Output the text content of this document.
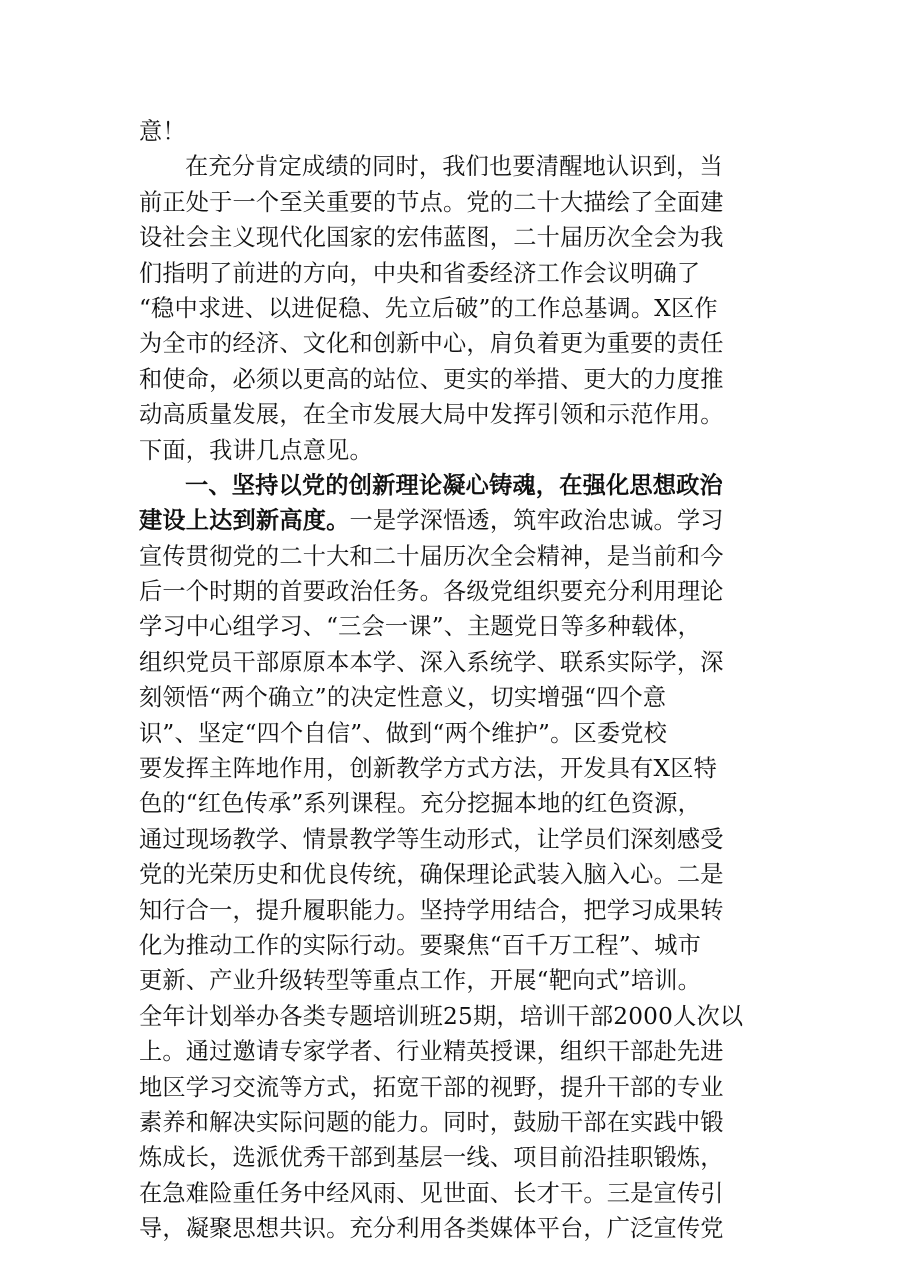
意！
在充分肯定成绩的同时，我们也要清醒地认识到，当
前正处于一个至关重要的节点。党的二十大描绘了全面建
设社会主义现代化国家的宏伟蓝图，二十届历次全会为我
们指明了前进的方向，中央和省委经济工作会议明确了
“稳中求进、以进促稳、先立后破”的工作总基调。X区作
为全市的经济、文化和创新中心，肩负着更为重要的责任
和使命，必须以更高的站位、更实的举措、更大的力度推
动高质量发展，在全市发展大局中发挥引领和示范作用。
下面，我讲几点意见。
一、坚持以党的创新理论凝心铸魂，在强化思想政治
建设上达到新高度。一是学深悟透，筑牢政治忠诚。学习
宣传贯彻党的二十大和二十届历次全会精神，是当前和今
后一个时期的首要政治任务。各级党组织要充分利用理论
学习中心组学习、“三会一课”、主题党日等多种载体，
组织党员干部原原本本学、深入系统学、联系实际学，深
刻领悟“两个确立”的决定性意义，切实增强“四个意
识”、坚定“四个自信”、做到“两个维护”。区委党校
要发挥主阵地作用，创新教学方式方法，开发具有X区特
色的“红色传承”系列课程。充分挖掘本地的红色资源，
通过现场教学、情景教学等生动形式，让学员们深刻感受
党的光荣历史和优良传统，确保理论武装入脑入心。二是
知行合一，提升履职能力。坚持学用结合，把学习成果转
化为推动工作的实际行动。要聚焦“百千万工程”、城市
更新、产业升级转型等重点工作，开展“靶向式”培训。
全年计划举办各类专题培训班25期，培训干部2000人次以
上。通过邀请专家学者、行业精英授课，组织干部赴先进
地区学习交流等方式，拓宽干部的视野，提升干部的专业
素养和解决实际问题的能力。同时，鼓励干部在实践中锻
炼成长，选派优秀干部到基层一线、项目前沿挂职锻炼，
在急难险重任务中经风雨、见世面、长才干。三是宣传引
导，凝聚思想共识。充分利用各类媒体平台，广泛宣传党
